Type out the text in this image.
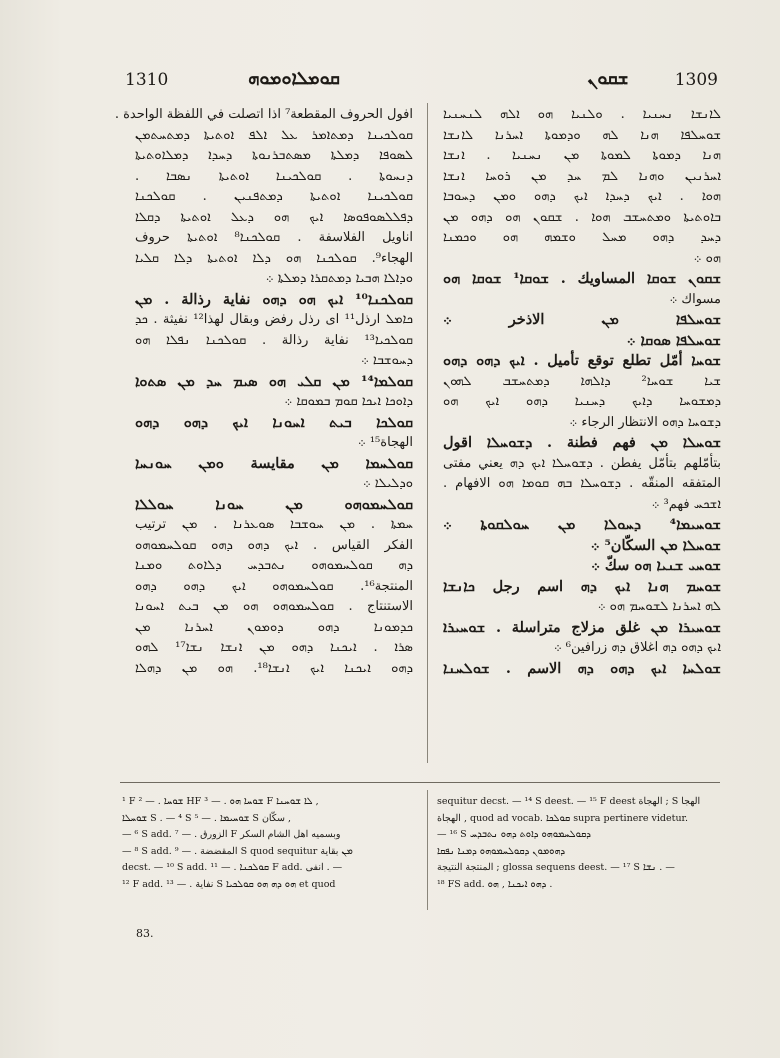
1310	ܩܘܡܠܐܘܡܘܗ	ܫܩܘܢ	1309
افول الحروف المقطعة⁷ اذا اتصلت في اللفظة الواحدة .
ܩܘܠܟܝܢܐ ܕܡܬܐܡܪ ܥܠ ܐܠܦ ܐܘܬܝܬܐ ܕܡܬܚܬܡܢ
ܠܣܘܦܐ ܕܡܠܬܐ ܡܣܬܒܪܢܘܬܐ ܕܚܕܐ ܕܡܠܐܘܬܝܬܐ
ܕܢܚܘܬܐ . ܩܘܠܟܝܢܐ ܐܘܬܝܬܐ ܢܣܒܐ .
ܩܘܠܟܝܢܐ ܐܘܬܝܬܐ ܕܡܬܦܢܝܢ . ܩܘܠܟܢܐ
ܕܦܠܠܣܘܦܘܣܐ ܐܝܟ ܗܘ ܕܥܠ ܐܘܬܝܬܐ ܕܩܠܐ
اناويل الفلاسفة . ܩܘܠܟܢܐ⁸ ܐܘܬܝܬܐ حروف
الهجاء⁹. ܩܘܠܟܢܐ ܗܘ ܕܠܐ ܐܘܬܝܬܐ ܕܠܐ ܩܠܝܐ
ܘܕܐܠܐ ܗܒܝܐ ܕܡܬܩܪܐ ܕܡܠܬܐ ܀
ܩܘܠܟܢܐ¹⁰ ܐܝܟ ܗܘ ܕܗܘ نفاية رذالة . ܡܢ
ܟܐܡܠ ارذل¹¹ ای رذل رفض وبقال لهذا¹² نفيثة . ܟܕ
ܩܘܠܟܝܐ¹³ نفاية رذالة . ܩܘܠܟܢܐ ܢܦܠܐ ܗܘ
ܕܚܘܫܒܐ ܀
ܩܘܠܡܐ¹⁴ ܡܢ ܩܠܝ ܗܘ ܣܝܡ ܚܕ ܡܢ ܣܬܘܐ
ܕܐܘܟܐ ܐܝܟܐ ܩܘܡ ܒܡܘܩܐ ܀
ܩܘܠܟܐ ܒܝܬ ܐܚܘܢܐ ܐܝܟ ܕܗܘ ܕܗܘ
الهجاة¹⁵ ܀
ܩܘܠܚܡܐ ܡܢ مقايسة ܘܡܢ ܚܘܢܚܐ
ܘܕܠܝܠܐ ܀
ܩܘܠܚܡܘܗܘ ܡܢ ܚܘܢܐ ܚܘܠܠܐ
ܚܡܬܐ . ܡܢ ܚܘܫܒܐ ܣܘܥܪܢܐ . ܡܢ ترتيب
الفكر القياس . ܐܝܟ ܕܗܘ ܕܗܘ ܩܘܠܚܡܘܗܘ
ܕܗ ܩܘܠܚܡܘܗܘ ܢܬܒܕܚ ܕܠܐܘܬ ܘܡܢܐ
المنتجة¹⁶. ܩܘܠܚܡܘܗܘ ܐܝܟ ܕܗܘ ܕܗܘ
الاستنتاج . ܩܘܠܚܡܘܗܘ ܗܘ ܡܢ ܒܝܬ ܐܚܘܢܐ
ܟܕܡܘܢܐ ܕܗܘ ܕܘܡܘܢ ܐܚܪܢܐ ܡܢ
ܣܪܐ . ܐܝܟܢܐ ܕܗܘ ܡܢ ܐܢܫܐ ܢܫܐ¹⁷ ܠܗܘ
ܕܗܘ ܐܝܟܢܐ ܐܝܟ ܐܢܫܐ¹⁸. ܗܘ ܡܢ ܕܗܠܐ
ܠܐܢܫܐ ܢܚܢܝܐ . ܘܠܢܝܐ ܗܘ ܐܠܗ ܠܢܚܢܝܐ
ܫܘܚܠܦܐ ܗܢܐ ܠܗ ܘܕܡܘܬܐ ܐܚܪܢܐ ܠܐܢܫܐ
ܗܢܐ ܕܡܘܬܐ ܠܡܘܬܐ ܡܢ ܢܚܢܝܐ . ܐܢܫܐ
ܐܚܪܢܝܢ ܘܗܢܐ ܠܡ ܚܕ ܡܢ ܪܘܚܐ ܐܢܫܐ
ܗܘܐ . ܐܝܟ ܕܚܕܐ ܐܝܟ ܕܗܘ ܘܡܢ ܕܚܘܒܐ
ܒܐܘܬܝܬܐ ܘܡܬܚܫܒ ܗܘܐ . ܫܩܘܢ ܗܘ ܕܗܘ ܡܢ
ܕܚܕ ܕܗܘ ܡܚܠ ܘܫܡܗ ܗܘ ܘܟܡܢܐ
ܗܘ ܀
ܫܩܘܢ ܫܘܩܐ المساويك . ܫܘܩܐ¹ ܫܘܩܐ ܗܘ
مسواك ܀
ܫܘܚܠܦܐ ܡܢ الاذخر ܀
ܫܘܚܠܦܐ ܣܘܩܐ ܀
ܫܘܚܐ أمّل تطلع توقع تأميل . ܐܝܟ ܕܗܘ ܕܗܘ
ܫܝܐ ܫܘܚܐ² ܕܐܠܗܐ ܕܡܬܚܫܒ ܠܗܘܢ
ܕܡܫܘܚܐ ܕܐܝܟ ܕܚܢܝܐ ܕܗܘ ܐܝܟ ܗܘ
ܕܫܘܚܐ ܕܗܘ الانتظار الرجاء ܀
ܫܘܚܠܐ ܡܢ فهم فطنة . ܕܫܘܚܠܐ اقول
بتأمّلهم بتأمّل يفطن . ܕܫܘܚܠܐ ܐܝܟ ܕܗ يعني مفتى
المتفقه المنقّه . ܕܫܘܚܠܐ ܒܗ ܩܘܡܐ ܗܘ الافهام .
ܐܫܟܚ فهم³ ܀
ܫܘܚܝܡܐ⁴ ܕܚܘܠܐ ܡܢ ܚܘܠܩܘܬܐ ܀
ܫܘܚܠܐ ܡܢ السكّان⁵ ܀
ܫܘܚܝ ܫܢܝܐ ܗܘ سكّ ܀
ܫܘܚܡ ܗܢܐ ܐܝܟ ܕܗ اسم رجل ܟܐܢܫܐ
ܠܗ ܐܚܪܢܐ ܠܫܘܚܡ ܗܘ ܀
ܫܘܚܝܪܐ ܡܢ غلق مزلاج متراسلة . ܫܘܚܝܪܐ
ܐܝܟ ܕܗܘ ܕܗ اغلاق ܕܗ زرافين⁶ ܀
ܫܘܠܚܐ ܐܝܟ ܕܗܘ ܕܗ الاسم . ܫܘܠܚܢܐ
¹ F ܫܘܚܐ . — ² HF ܫܘܚܐ ܗܘ . — ³ F ܠܐ ܫܘܚܢܐ ,
ܫܘܚܠܐ S . — ⁴ S ܫܘܚܝܡܐ . — ⁵ S سكّان ,
— ⁶ S add. الزورق . — ⁷ F وبسميه اهل الشام السكر
— ⁸ S add. المقضضة . — ⁹ S quod sequitur ܡܢ بقاية
decst. — ¹⁰ S add. ܩܘܠܟܢܐ . — ¹¹ F add. انفى . —
¹² F add. نفاية . — ¹³ S ܗܘ ܕܗ ܗܘ ܩܘܠܟܝܐ et quod
sequitur decst. — ¹⁴ S deest. — ¹⁵ F deest الهجاة ; S الهجا
الهجاة , quod ad vocab. ܩܘܠܟܐ supra pertinere videtur.
— ¹⁶ S ܕܩܘܠܚܡܘܗܘ ܕܐܘܬ ܕܗܘ ܢܬܒܕܚ
ܕܗܘܡܘܢ ܕܩܘܠܚܡܘܗܘ ܕܡܢܐ ܢܦܩܐ
المنتجة النتيجة ; glossa sequens deest. — ¹⁷ S ܢܫܐ . —
¹⁸ FS add. ܕܗܘ ܐܝܟܢܐ , ܗܘ .
83.
